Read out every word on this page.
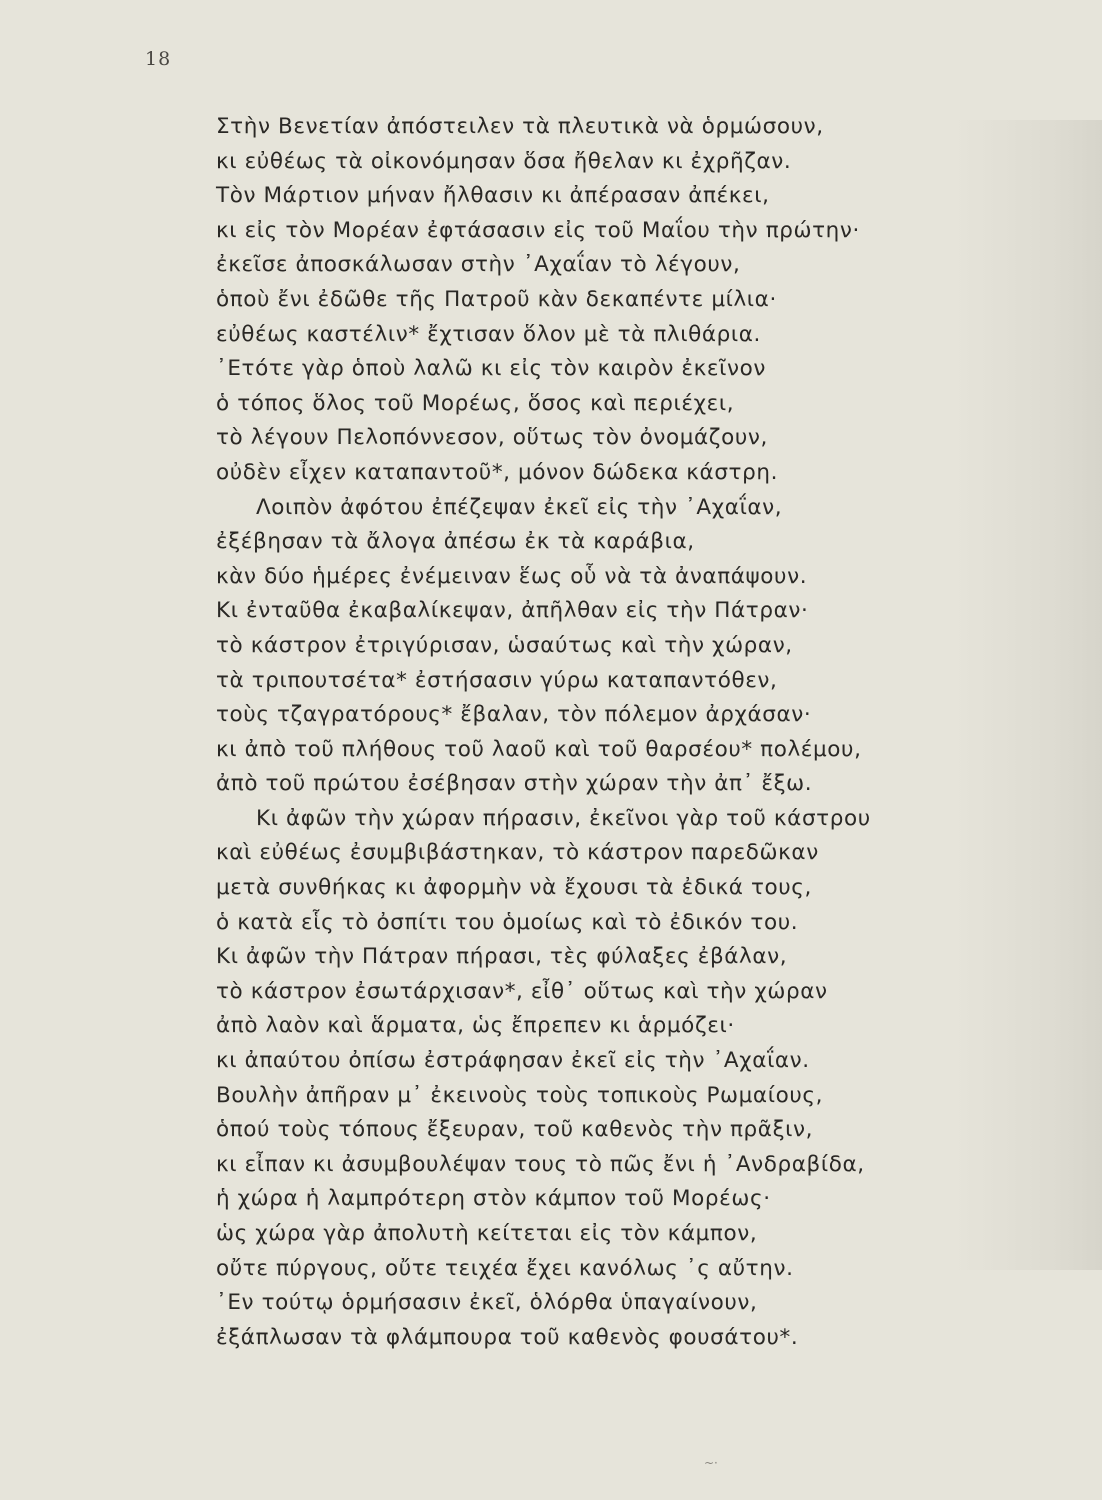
18
Στὴν Βενετίαν ἀπόστειλεν τὰ πλευτικὰ νὰ ὁρμώσουν,
κι εὐθέως τὰ οἰκονόμησαν ὅσα ἤθελαν κι ἐχρῆζαν.
Τὸν Μάρτιον μήναν ἤλθασιν κι ἀπέρασαν ἀπέκει,
κι εἰς τὸν Μορέαν ἐφτάσασιν εἰς τοῦ Μαΐου τὴν πρώτην·
ἐκεῖσε ἀποσκάλωσαν στὴν ᾿Αχαΐαν τὸ λέγουν,
ὁποὺ ἔνι ἐδῶθε τῆς Πατροῦ κὰν δεκαπέντε μίλια·
εὐθέως καστέλιν* ἔχτισαν ὅλον μὲ τὰ πλιθάρια.
᾿Ετότε γὰρ ὁποὺ λαλῶ κι εἰς τὸν καιρὸν ἐκεῖνον
ὁ τόπος ὅλος τοῦ Μορέως, ὅσος καὶ περιέχει,
τὸ λέγουν Πελοπόννεσον, οὕτως τὸν ὀνομάζουν,
οὐδὲν εἶχεν καταπαντοῦ*, μόνον δώδεκα κάστρη.
Λοιπὸν ἀφότου ἐπέζεψαν ἐκεῖ εἰς τὴν ᾿Αχαΐαν,
ἐξέβησαν τὰ ἄλογα ἀπέσω ἐκ τὰ καράβια,
κὰν δύο ἡμέρες ἐνέμειναν ἕως οὗ νὰ τὰ ἀναπάψουν.
Κι ἐνταῦθα ἐκαβαλίκεψαν, ἀπῆλθαν εἰς τὴν Πάτραν·
τὸ κάστρον ἐτριγύρισαν, ὡσαύτως καὶ τὴν χώραν,
τὰ τριπουτσέτα* ἐστήσασιν γύρω καταπαντόθεν,
τοὺς τζαγρατόρους* ἔβαλαν, τὸν πόλεμον ἀρχάσαν·
κι ἀπὸ τοῦ πλήθους τοῦ λαοῦ καὶ τοῦ θαρσέου* πολέμου,
ἀπὸ τοῦ πρώτου ἐσέβησαν στὴν χώραν τὴν ἀπ᾿ ἔξω.
Κι ἀφῶν τὴν χώραν πήρασιν, ἐκεῖνοι γὰρ τοῦ κάστρου
καὶ εὐθέως ἐσυμβιβάστηκαν, τὸ κάστρον παρεδῶκαν
μετὰ συνθήκας κι ἀφορμὴν νὰ ἔχουσι τὰ ἐδικά τους,
ὁ κατὰ εἷς τὸ ὀσπίτι του ὁμοίως καὶ τὸ ἐδικόν του.
Κι ἀφῶν τὴν Πάτραν πήρασι, τὲς φύλαξες ἐβάλαν,
τὸ κάστρον ἐσωτάρχισαν*, εἶθ᾿ οὕτως καὶ τὴν χώραν
ἀπὸ λαὸν καὶ ἅρματα, ὡς ἔπρεπεν κι ἁρμόζει·
κι ἀπαύτου ὀπίσω ἐστράφησαν ἐκεῖ εἰς τὴν ᾿Αχαΐαν.
Βουλὴν ἀπῆραν μ᾿ ἐκεινοὺς τοὺς τοπικοὺς Ρωμαίους,
ὁπού τοὺς τόπους ἔξευραν, τοῦ καθενὸς τὴν πρᾶξιν,
κι εἶπαν κι ἀσυμβουλέψαν τους τὸ πῶς ἔνι ἡ ᾿Ανδραβίδα,
ἡ χώρα ἡ λαμπρότερη στὸν κάμπον τοῦ Μορέως·
ὡς χώρα γὰρ ἀπολυτὴ κείτεται εἰς τὸν κάμπον,
οὔτε πύργους, οὔτε τειχέα ἔχει κανόλως ᾿ς αὔτην.
᾿Εν τούτῳ ὁρμήσασιν ἐκεῖ, ὁλόρθα ὑπαγαίνουν,
ἐξάπλωσαν τὰ φλάμπουρα τοῦ καθενὸς φουσάτου*.
~·
